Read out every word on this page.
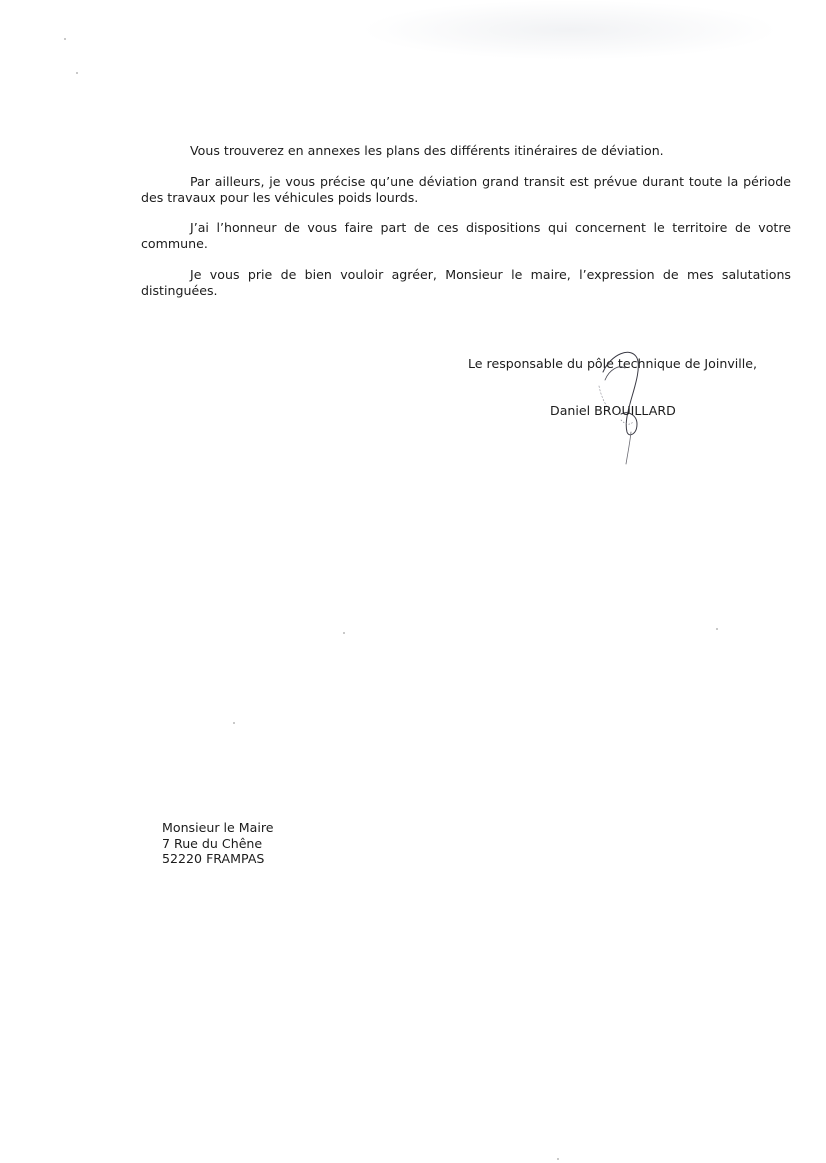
Vous trouverez en annexes les plans des différents itinéraires de déviation.

Par ailleurs, je vous précise qu’une déviation grand transit est prévue durant toute la période des travaux pour les véhicules poids lourds.

J’ai l’honneur de vous faire part de ces dispositions qui concernent le territoire de votre commune.

Je vous prie de bien vouloir agréer, Monsieur le maire, l’expression de mes salutations distinguées.

Le responsable du pôle technique de Joinville,

Daniel BROUILLARD

Monsieur le Maire
7 Rue du Chêne
52220 FRAMPAS
